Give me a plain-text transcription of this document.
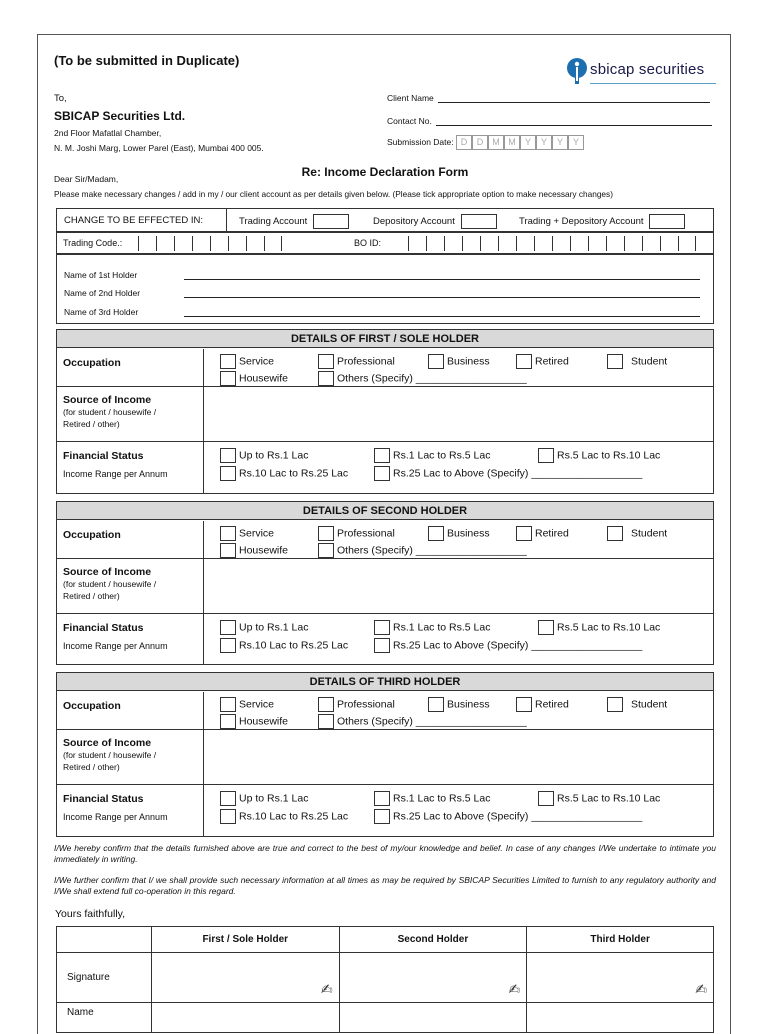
(To be submitted in Duplicate)
sbicap securities
To,
SBICAP Securities Ltd.
2nd Floor Mafatlal Chamber,
N. M. Joshi Marg, Lower Parel (East), Mumbai 400 005.
Client Name
Contact No.
Submission Date: D D M M Y Y Y Y
Re: Income Declaration Form
Dear Sir/Madam,
Please make necessary changes / add in my / our client account as per details given below. (Please tick appropriate option to make necessary changes)
CHANGE TO BE EFFECTED IN:	Trading Account	Depository Account	Trading + Depository Account
Trading Code.:	BO ID:
Name of 1st Holder
Name of 2nd Holder
Name of 3rd Holder
DETAILS OF FIRST / SOLE HOLDER
Occupation	Service	Professional	Business	Retired	Student
Housewife	Others (Specify) ___________________
Source of Income
(for student / housewife /
Retired / other)
Financial Status
Income Range per Annum
Up to Rs.1 Lac	Rs.1 Lac to Rs.5 Lac	Rs.5 Lac to Rs.10 Lac
Rs.10 Lac to Rs.25 Lac	Rs.25 Lac to Above (Specify) ___________________
DETAILS OF SECOND HOLDER
Occupation	Service	Professional	Business	Retired	Student
Housewife	Others (Specify) ___________________
Source of Income
(for student / housewife /
Retired / other)
Financial Status
Income Range per Annum
Up to Rs.1 Lac	Rs.1 Lac to Rs.5 Lac	Rs.5 Lac to Rs.10 Lac
Rs.10 Lac to Rs.25 Lac	Rs.25 Lac to Above (Specify) ___________________
DETAILS OF THIRD HOLDER
Occupation	Service	Professional	Business	Retired	Student
Housewife	Others (Specify) ___________________
Source of Income
(for student / housewife /
Retired / other)
Financial Status
Income Range per Annum
Up to Rs.1 Lac	Rs.1 Lac to Rs.5 Lac	Rs.5 Lac to Rs.10 Lac
Rs.10 Lac to Rs.25 Lac	Rs.25 Lac to Above (Specify) ___________________
I/We hereby confirm that the details furnished above are true and correct to the best of my/our knowledge and belief. In case of any changes I/We undertake to intimate you immediately in writing.
I/We further confirm that I/ we shall provide such necessary information at all times as may be required by SBICAP Securities Limited to furnish to any regulatory authority and I/We shall extend full co-operation in this regard.
Yours faithfully,
	First / Sole Holder	Second Holder	Third Holder
Signature	✍	✍	✍

Name			
